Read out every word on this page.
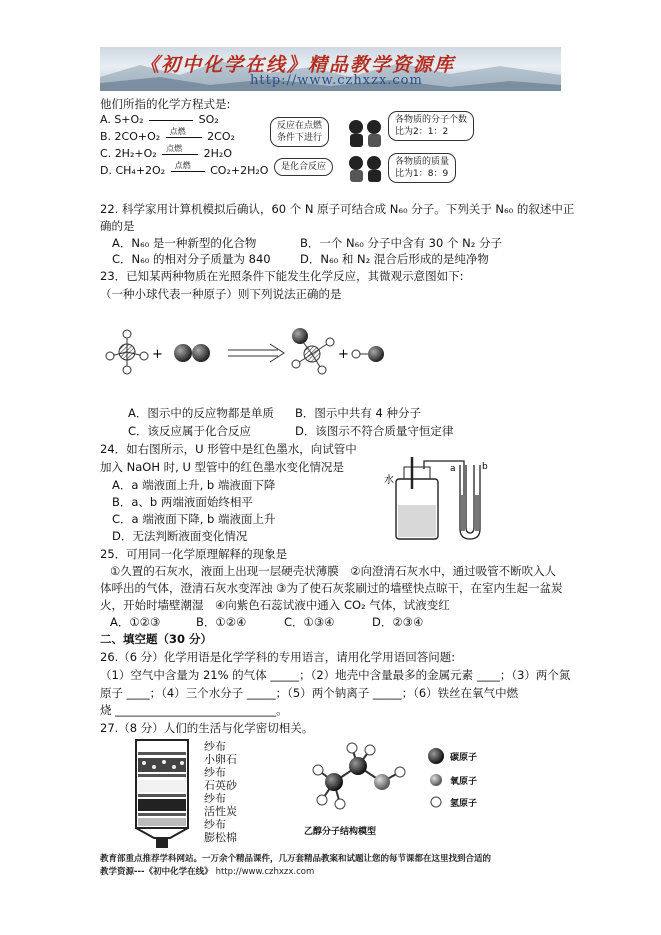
《初中化学在线》精品教学资源库
http://www.czhxzx.com
他们所指的化学方程式是:
A. S+O₂	SO₂
B. 2CO+O₂ 点燃 2CO₂
C. 2H₂+O₂ 点燃 2H₂O
D. CH₄+2O₂ 点燃 CO₂+2H₂O
反应在点燃
条件下进行
各物质的分子个数
比为2：1：2
是化合反应	各物质的质量
比为1：8：9
22. 科学家用计算机模拟后确认，60 个 N 原子可结合成 N₆₀ 分子。下列关于 N₆₀ 的叙述中正
确的是
A．N₆₀ 是一种新型的化合物	B．一个 N₆₀ 分子中含有 30 个 N₂ 分子
C．N₆₀ 的相对分子质量为 840	D．N₆₀ 和 N₂ 混合后形成的是纯净物
23．已知某两种物质在光照条件下能发生化学反应，其微观示意图如下:
（一种小球代表一种原子）则下列说法正确的是
+	+
A．图示中的反应物都是单质 B．图示中共有 4 种分子
C．该反应属于化合反应	D．该图示不符合质量守恒定律
24．如右图所示，U 形管中是红色墨水，向试管中
加入 NaOH 时, U 型管中的红色墨水变化情况是
A．a 端液面上升, b 端液面下降
B．a、b 两端液面始终相平
C．a 端液面下降, b 端液面上升
D．无法判断液面变化情况
水
a	b
25．可用同一化学原理解释的现象是
①久置的石灰水，液面上出现一层硬壳状薄膜　②向澄清石灰水中，通过吸管不断吹入人
体呼出的气体，澄清石灰水变浑浊 ③为了使石灰浆刷过的墙壁快点晾干，在室内生起一盆炭
火，开始时墙壁潮湿　④向紫色石蕊试液中通入 CO₂ 气体，试液变红
A．①②③	B．①②④	C．①③④	D．②③④
二、填空题（30 分）
26.（6 分）化学用语是化学学科的专用语言，请用化学用语回答问题:
（1）空气中含量为 21% 的气体 _____；（2）地壳中含量最多的金属元素 ____；（3）两个氮
原子 ____；（4）三个水分子 _____；（5）两个钠离子 _____；（6）铁丝在氧气中燃
烧 ____________________________。
27.（8 分）人们的生活与化学密切相关。
纱布
小卵石
纱布
石英砂
纱布
活性炭
纱布
膨松棉	乙醇分子结构模型
碳原子
氧原子
氢原子
教育部重点推荐学科网站。一万余个精品课件，几万套精品教案和试题让您的每节课都在这里找到合适的
教学资源---《初中化学在线》 http://www.czhxzx.com
